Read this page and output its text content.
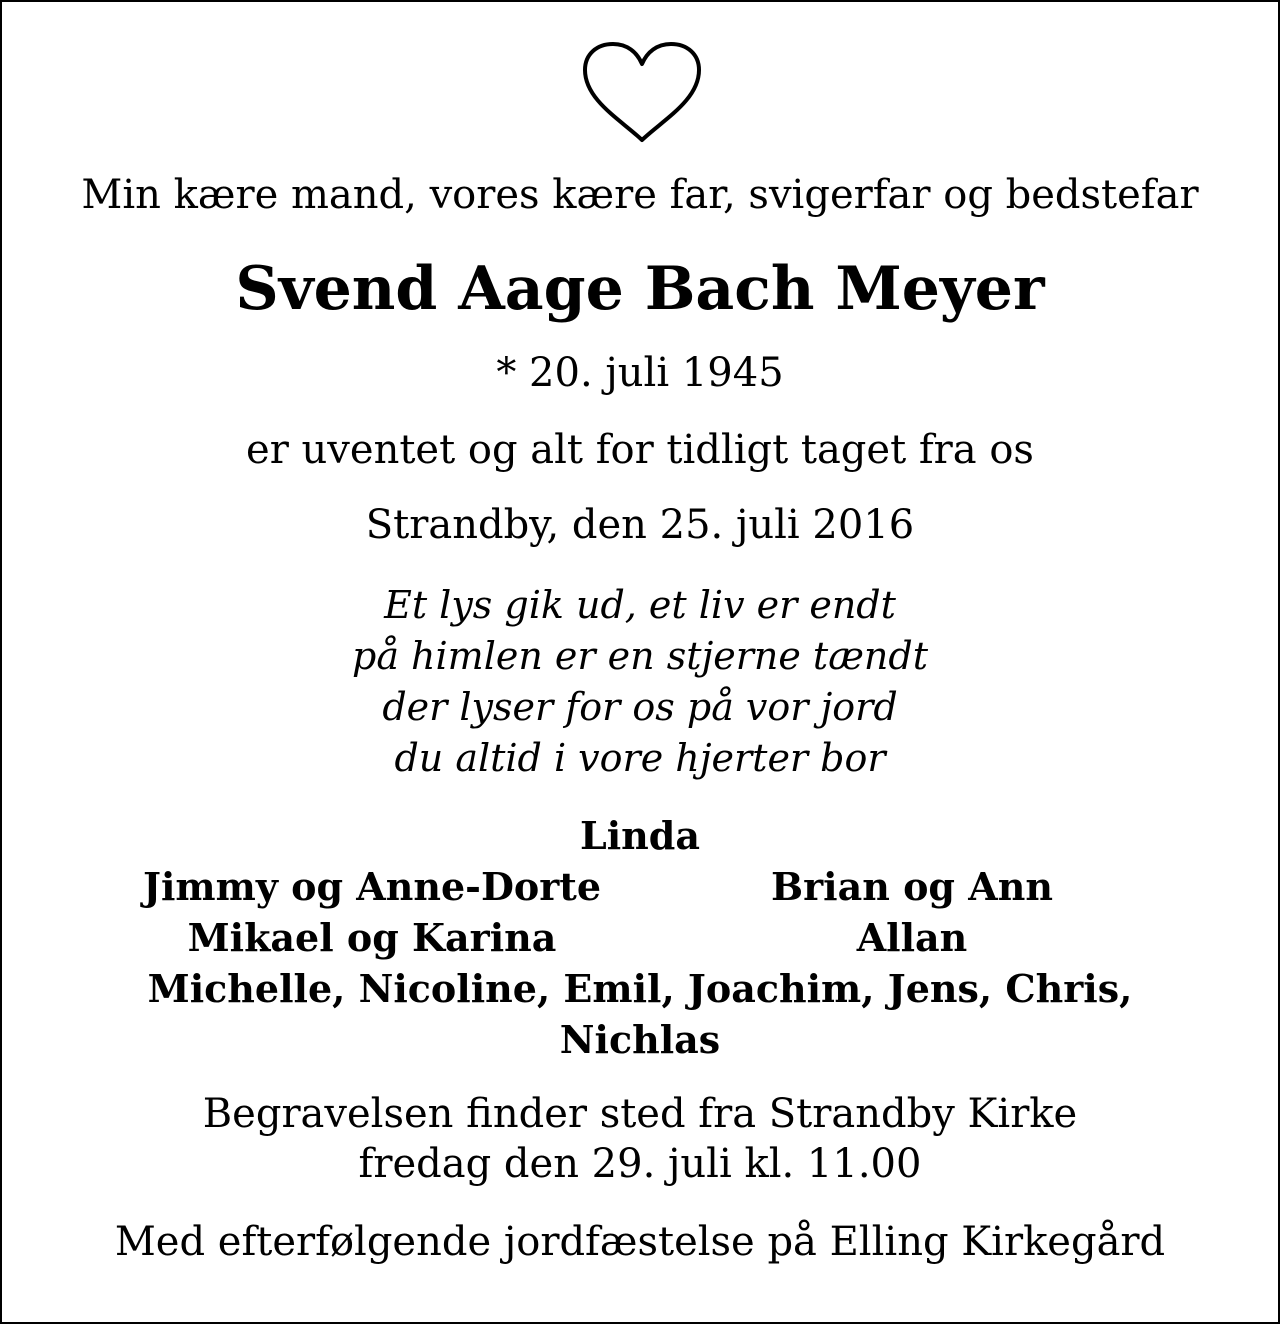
Min kære mand, vores kære far, svigerfar og bedstefar
Svend Aage Bach Meyer
* 20. juli 1945
er uventet og alt for tidligt taget fra os
Strandby, den 25. juli 2016
Et lys gik ud, et liv er endt
på himlen er en stjerne tændt
der lyser for os på vor jord
du altid i vore hjerter bor
Linda
Jimmy og Anne-Dorte	Brian og Ann
Mikael og Karina	Allan
Michelle, Nicoline, Emil, Joachim, Jens, Chris,
Nichlas
Begravelsen finder sted fra Strandby Kirke
fredag den 29. juli kl. 11.00
Med efterfølgende jordfæstelse på Elling Kirkegård
